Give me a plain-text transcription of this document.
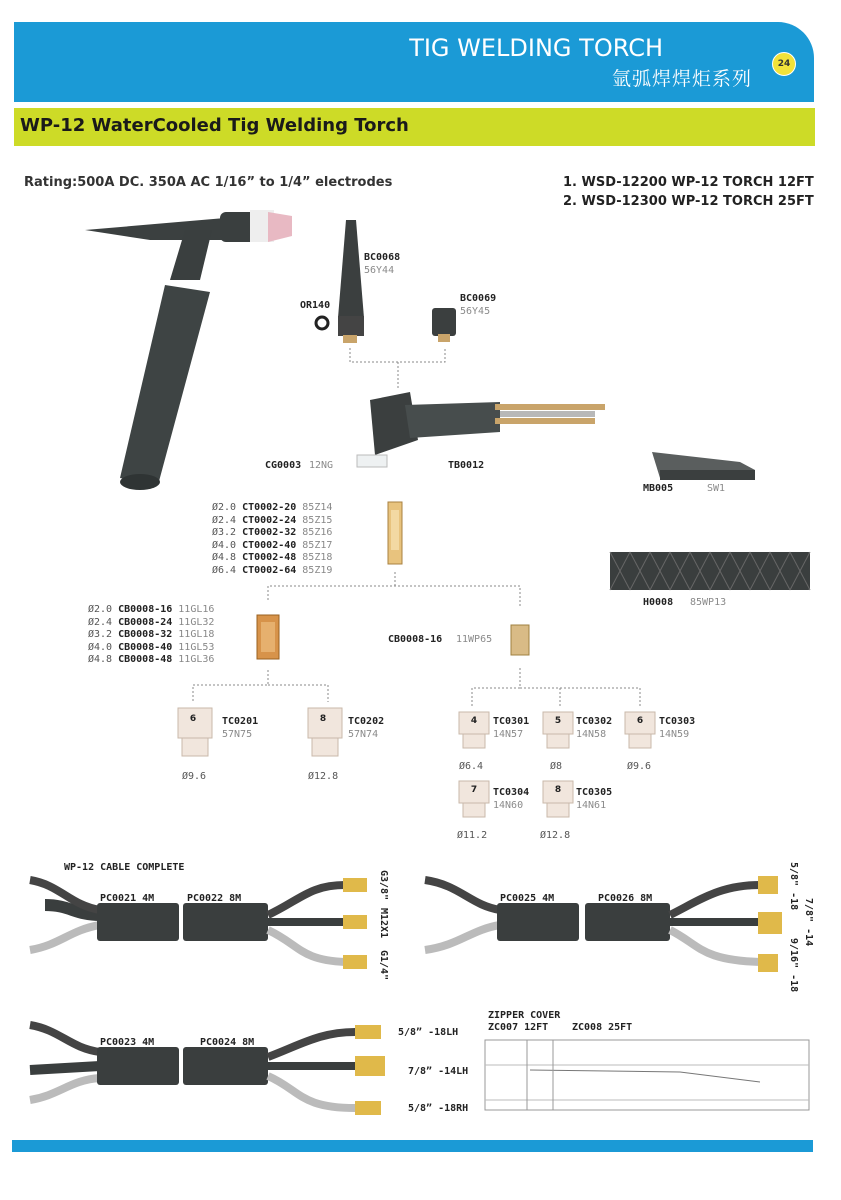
TIG WELDING TORCH
氩弧焊焊炬系列
24
WP-12 WaterCooled Tig Welding Torch
Rating:500A DC. 350A AC 1/16” to 1/4” electrodes	1. WSD-12200 WP-12 TORCH 12FT
2. WSD-12300 WP-12 TORCH 25FT
6	8	4	5	6
7	8
BC0068
56Y44
OR140
BC0069
56Y45
CG0003 12NG	TB0012
MB005	SW1
H0008 85WP13
Ø2.0	CT0002-20	85Z14
Ø2.4	CT0002-24	85Z15
Ø3.2	CT0002-32	85Z16
Ø4.0	CT0002-40	85Z17
Ø4.8	CT0002-48	85Z18
Ø6.4	CT0002-64	85Z19
Ø2.0	CB0008-16	11GL16
Ø2.4	CB0008-24	11GL32
Ø3.2	CB0008-32	11GL18
Ø4.0	CB0008-40	11GL53
Ø4.8	CB0008-48	11GL36
CB0008-16 11WP65
TC0201
57N75
Ø9.6
TC0202
57N74
Ø12.8
TC0301
14N57
Ø6.4
TC0302
14N58
Ø8
TC0303
14N59
Ø9.6
TC0304
14N60
Ø11.2
TC0305
14N61
Ø12.8
WP-12 CABLE COMPLETE
PC0021 4M	PC0022 8M	G3/8"
M12X1
G1/4"
PC0025 4M	PC0026 8M	5/8" -18
7/8" -14
9/16" -18
PC0023 4M	PC0024 8M
5/8” -18LH
7/8” -14LH
5/8” -18RH
ZIPPER COVER
ZC007 12FT ZC008 25FT
